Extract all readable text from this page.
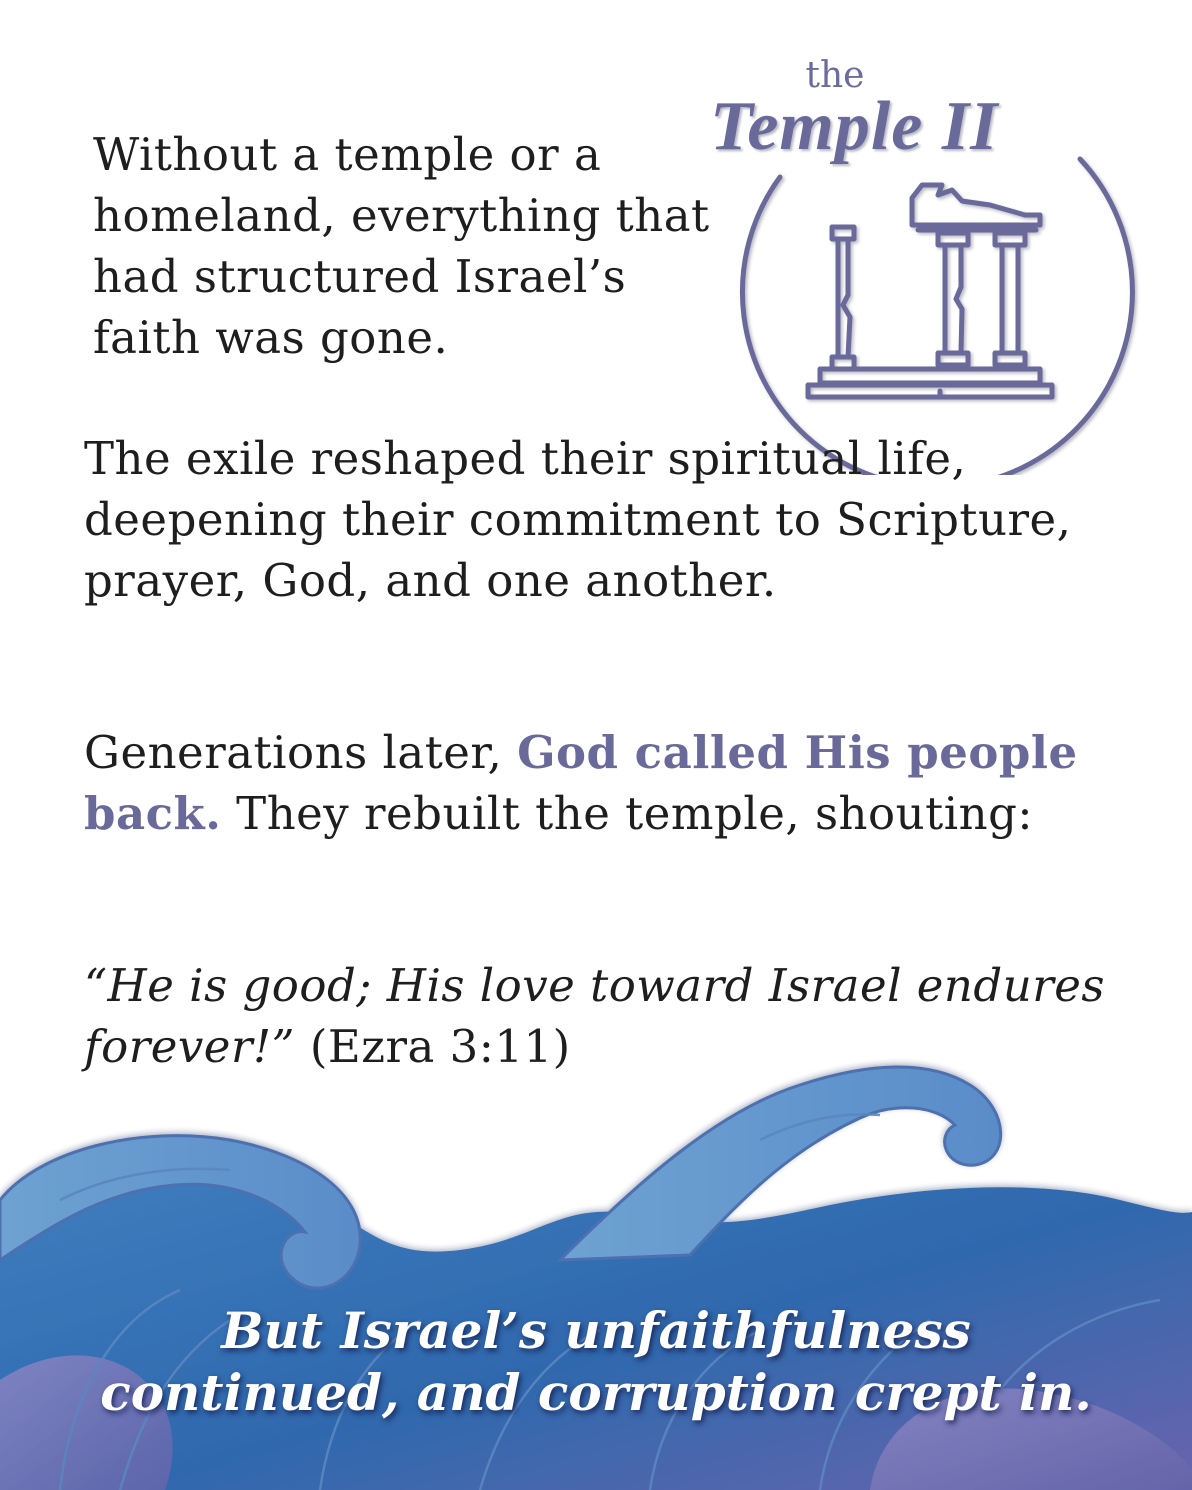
the
Temple II

Without a temple or a homeland, everything that had structured Israel’s faith was gone.

The exile reshaped their spiritual life, deepening their commitment to Scripture, prayer, God, and one another.

Generations later, God called His people back. They rebuilt the temple, shouting:

“He is good; His love toward Israel endures forever!” (Ezra 3:11)

But Israel’s unfaithfulness
continued, and corruption crept in.
